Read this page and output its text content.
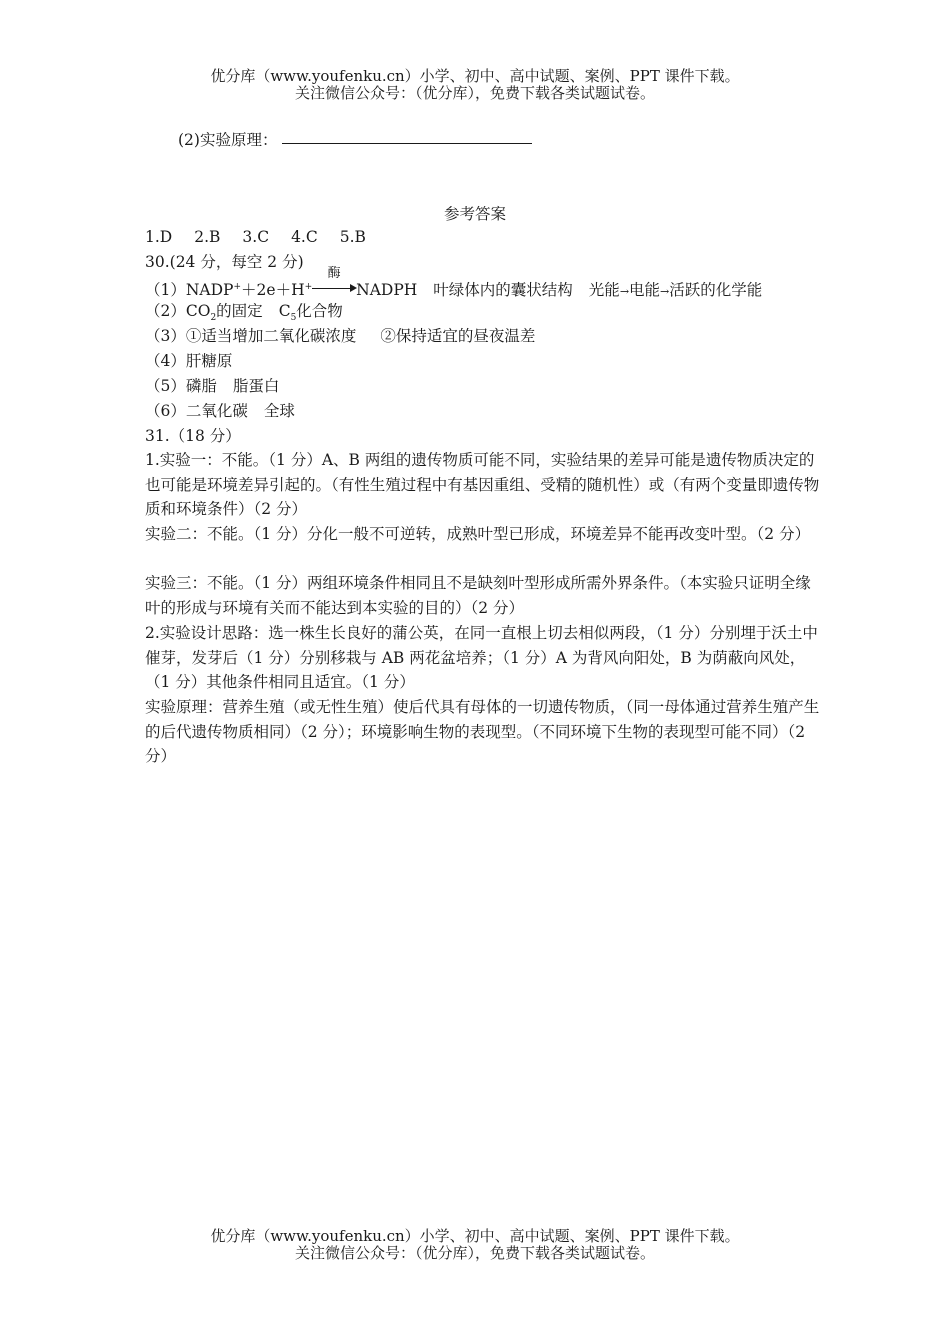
优分库（www.youfenku.cn）小学、初中、高中试题、案例、PPT 课件下载。
关注微信公众号：（优分库），免费下载各类试题试卷。
(2)实验原理：
参考答案
1.D 2.B 3.C 4.C 5.B
30.(24 分，每空 2 分)
（1）NADP+＋2e＋H+
酶
NADPH 叶绿体内的囊状结构 光能→电能→活跃的化学能
$(2)CO_2$的固定 $C_5$化合物
（3）①适当增加二氧化碳浓度 ②保持适宜的昼夜温差
（4）肝糖原
（5）磷脂 脂蛋白
（6）二氧化碳 全球
31.（18 分）
1.实验一：不能。（1 分）A、B 两组的遗传物质可能不同，实验结果的差异可能是遗传物质决定的也可能是环境差异引起的。（有性生殖过程中有基因重组、受精的随机性）或（有两个变量即遗传物质和环境条件）（2 分）
实验二：不能。（1 分）分化一般不可逆转，成熟叶型已形成，环境差异不能再改变叶型。（2 分）
实验三：不能。（1 分）两组环境条件相同且不是缺刻叶型形成所需外界条件。（本实验只证明全缘叶的形成与环境有关而不能达到本实验的目的）（2 分）
2.实验设计思路：选一株生长良好的蒲公英，在同一直根上切去相似两段，（1 分）分别埋于沃土中催芽，发芽后（1 分）分别移栽与 AB 两花盆培养；（1 分）A 为背风向阳处，B 为荫蔽向风处，（1 分）其他条件相同且适宜。（1 分）
实验原理：营养生殖（或无性生殖）使后代具有母体的一切遗传物质，（同一母体通过营养生殖产生的后代遗传物质相同）（2 分）；环境影响生物的表现型。（不同环境下生物的表现型可能不同）（2 分）
优分库（www.youfenku.cn）小学、初中、高中试题、案例、PPT 课件下载。
关注微信公众号：（优分库），免费下载各类试题试卷。
